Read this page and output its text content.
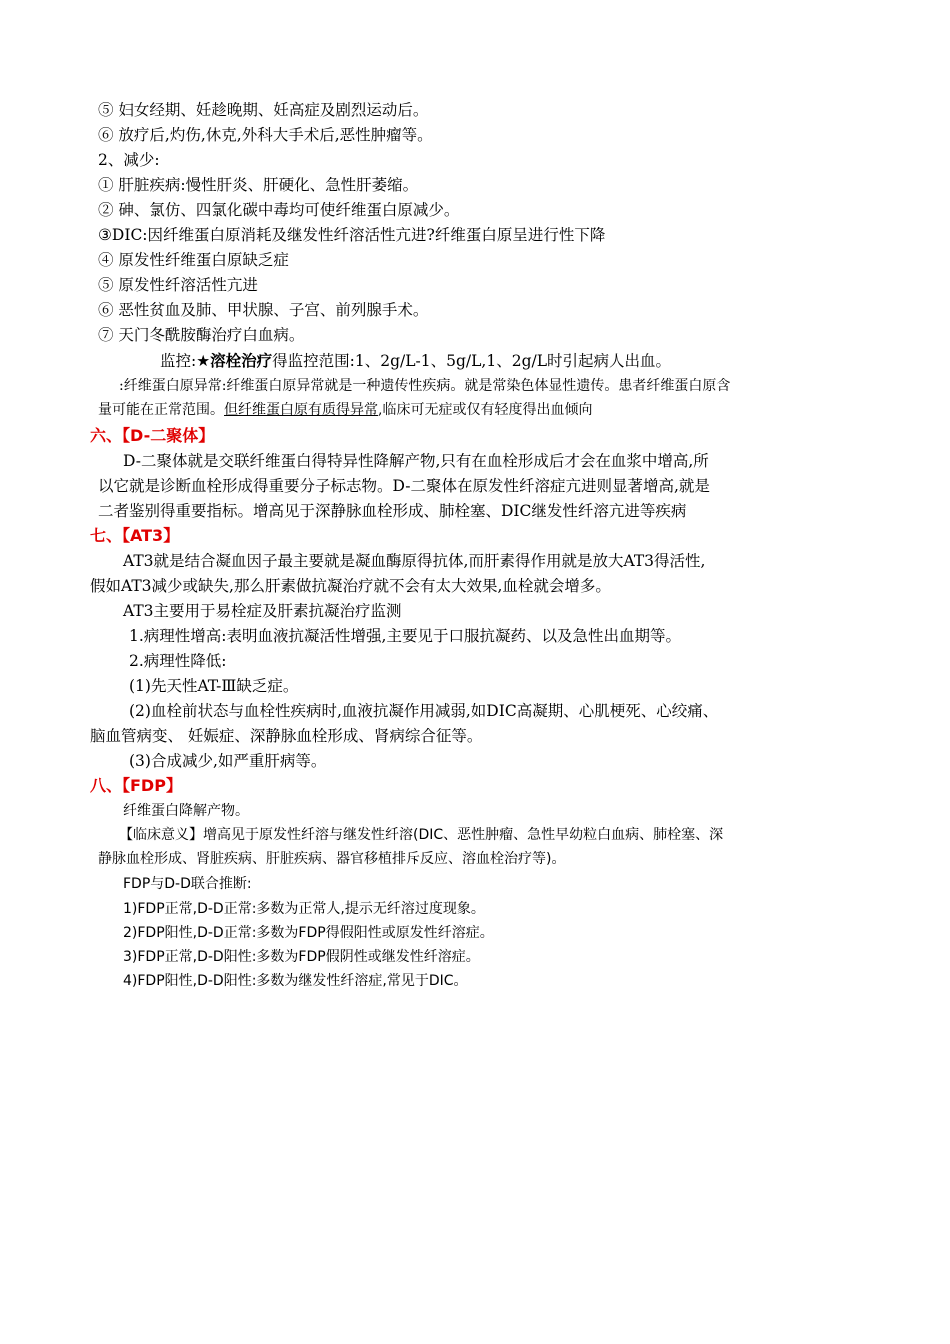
⑤ 妇女经期、妊趁晚期、妊高症及剧烈运动后。
⑥ 放疗后,灼伤,休克,外科大手术后,恶性肿瘤等。
2、减少:
① 肝脏疾病:慢性肝炎、肝硬化、急性肝萎缩。
② 砷、氯仿、四氯化碳中毒均可使纤维蛋白原减少。
③DIC:因纤维蛋白原消耗及继发性纤溶活性亢进?纤维蛋白原呈进行性下降
④ 原发性纤维蛋白原缺乏症
⑤ 原发性纤溶活性亢进
⑥ 恶性贫血及肺、甲状腺、子宫、前列腺手术。
⑦ 天门冬酰胺酶治疗白血病。
监控:★溶栓治疗得监控范围:1、2g/L-1、5g/L,1、2g/L时引起病人出血。
:纤维蛋白原异常:纤维蛋白原异常就是一种遗传性疾病。就是常染色体显性遗传。患者纤维蛋白原含
量可能在正常范围。但纤维蛋白原有质得异常,临床可无症或仅有轻度得出血倾向
六、【D-二聚体】
D-二聚体就是交联纤维蛋白得特异性降解产物,只有在血栓形成后才会在血浆中增高,所
以它就是诊断血栓形成得重要分子标志物。D-二聚体在原发性纤溶症亢进则显著增高,就是
二者鉴别得重要指标。增高见于深静脉血栓形成、肺栓塞、DIC继发性纤溶亢进等疾病
七、【AT3】
AT3就是结合凝血因子最主要就是凝血酶原得抗体,而肝素得作用就是放大AT3得活性,
假如AT3减少或缺失,那么肝素做抗凝治疗就不会有太大效果,血栓就会增多。
AT3主要用于易栓症及肝素抗凝治疗监测
1.病理性增高:表明血液抗凝活性增强,主要见于口服抗凝药、以及急性出血期等。
2.病理性降低:
(1)先天性AT-Ⅲ缺乏症。
(2)血栓前状态与血栓性疾病时,血液抗凝作用减弱,如DIC高凝期、心肌梗死、心绞痛、
脑血管病变、 妊娠症、深静脉血栓形成、肾病综合征等。
(3)合成减少,如严重肝病等。
八、【FDP】
纤维蛋白降解产物。
【临床意义】增高见于原发性纤溶与继发性纤溶(DIC、恶性肿瘤、急性早幼粒白血病、肺栓塞、深
静脉血栓形成、肾脏疾病、肝脏疾病、器官移植排斥反应、溶血栓治疗等)。
FDP与D-D联合推断:
1)FDP正常,D-D正常:多数为正常人,提示无纤溶过度现象。
2)FDP阳性,D-D正常:多数为FDP得假阳性或原发性纤溶症。
3)FDP正常,D-D阳性:多数为FDP假阴性或继发性纤溶症。
4)FDP阳性,D-D阳性:多数为继发性纤溶症,常见于DIC。
